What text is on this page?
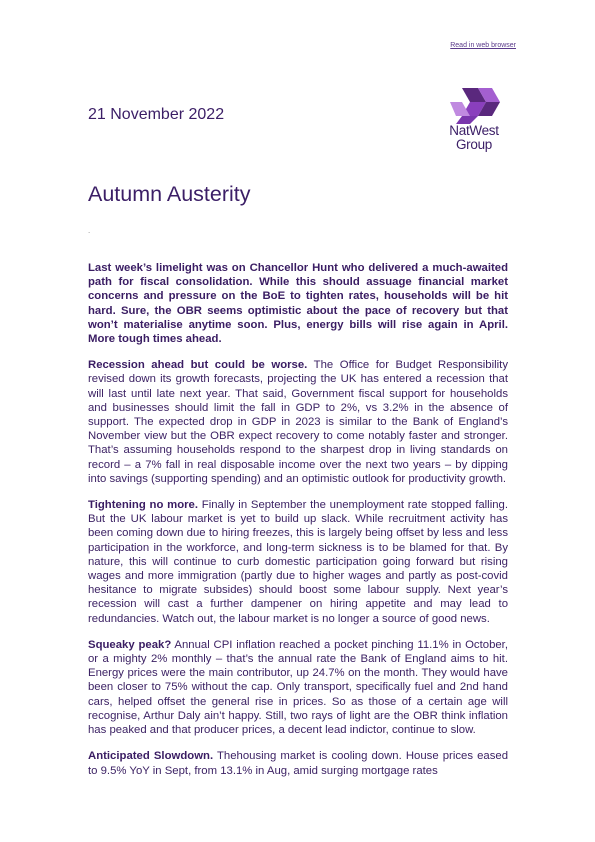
Read in web browser
21 November 2022
NatWest
Group
Autumn Austerity
.

Last week’s limelight was on Chancellor Hunt who delivered a much-awaited path for fiscal consolidation. While this should assuage financial market concerns and pressure on the BoE to tighten rates, households will be hit hard. Sure, the OBR seems optimistic about the pace of recovery but that won’t materialise anytime soon. Plus, energy bills will rise again in April. More tough times ahead.

Recession ahead but could be worse. The Office for Budget Responsibility revised down its growth forecasts, projecting the UK has entered a recession that will last until late next year. That said, Government fiscal support for households and businesses should limit the fall in GDP to 2%, vs 3.2% in the absence of support. The expected drop in GDP in 2023 is similar to the Bank of England’s November view but the OBR expect recovery to come notably faster and stronger. That’s assuming households respond to the sharpest drop in living standards on record – a 7% fall in real disposable income over the next two years – by dipping into savings (supporting spending) and an optimistic outlook for productivity growth.

Tightening no more. Finally in September the unemployment rate stopped falling. But the UK labour market is yet to build up slack. While recruitment activity has been coming down due to hiring freezes, this is largely being offset by less and less participation in the workforce, and long-term sickness is to be blamed for that. By nature, this will continue to curb domestic participation going forward but rising wages and more immigration (partly due to higher wages and partly as post-covid hesitance to migrate subsides) should boost some labour supply. Next year’s recession will cast a further dampener on hiring appetite and may lead to redundancies. Watch out, the labour market is no longer a source of good news.

Squeaky peak? Annual CPI inflation reached a pocket pinching 11.1% in October, or a mighty 2% monthly – that’s the annual rate the Bank of England aims to hit. Energy prices were the main contributor, up 24.7% on the month. They would have been closer to 75% without the cap. Only transport, specifically fuel and 2nd hand cars, helped offset the general rise in prices. So as those of a certain age will recognise, Arthur Daly ain’t happy. Still, two rays of light are the OBR think inflation has peaked and that producer prices, a decent lead indictor, continue to slow.

Anticipated Slowdown. Thehousing market is cooling down. House prices eased to 9.5% YoY in Sept, from 13.1% in Aug, amid surging mortgage rates
